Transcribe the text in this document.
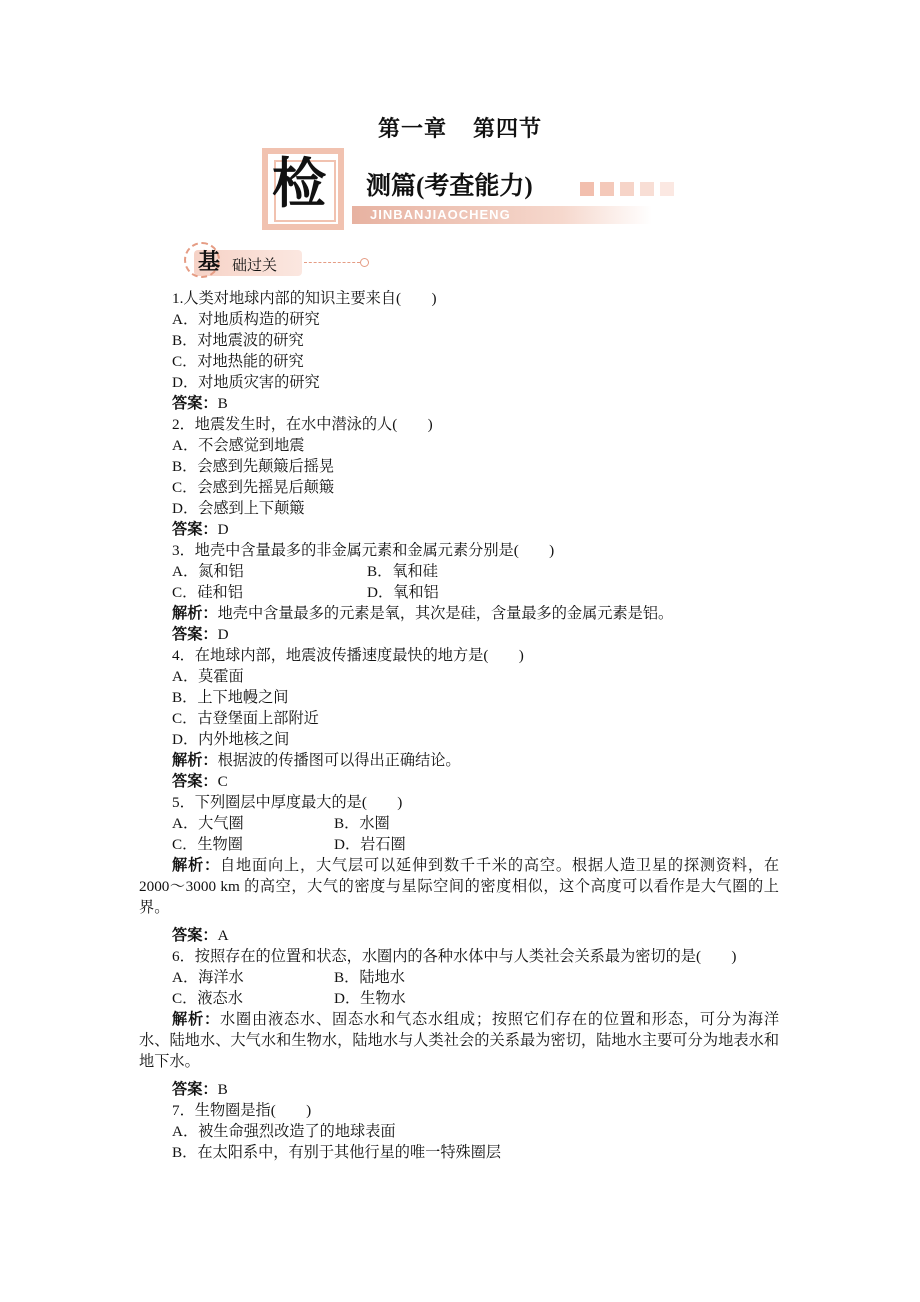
第一章 第四节
检 测篇(考查能力)
JINBANJIAOCHENG
基 础过关
1.人类对地球内部的知识主要来自(　　)
A．对地质构造的研究
B．对地震波的研究
C．对地热能的研究
D．对地质灾害的研究
答案：B
2．地震发生时，在水中潜泳的人(　　)
A．不会感觉到地震
B．会感到先颠簸后摇晃
C．会感到先摇晃后颠簸
D．会感到上下颠簸
答案：D
3．地壳中含量最多的非金属元素和金属元素分别是(　　)
A．氮和铝	B．氧和硅
C．硅和铝	D．氧和铝
解析：地壳中含量最多的元素是氧，其次是硅，含量最多的金属元素是铝。
答案：D
4．在地球内部，地震波传播速度最快的地方是(　　)
A．莫霍面
B．上下地幔之间
C．古登堡面上部附近
D．内外地核之间
解析：根据波的传播图可以得出正确结论。
答案：C
5．下列圈层中厚度最大的是(　　)
A．大气圈	B．水圈
C．生物圈	D．岩石圈
解析：自地面向上，大气层可以延伸到数千千米的高空。根据人造卫星的探测资料，在 2000～3000 km 的高空，大气的密度与星际空间的密度相似，这个高度可以看作是大气圈的上界。
答案：A
6．按照存在的位置和状态，水圈内的各种水体中与人类社会关系最为密切的是(　　)
A．海洋水	B．陆地水
C．液态水	D．生物水
解析：水圈由液态水、固态水和气态水组成；按照它们存在的位置和形态，可分为海洋水、陆地水、大气水和生物水，陆地水与人类社会的关系最为密切，陆地水主要可分为地表水和地下水。
答案：B
7．生物圈是指(　　)
A．被生命强烈改造了的地球表面
B．在太阳系中，有别于其他行星的唯一特殊圈层
